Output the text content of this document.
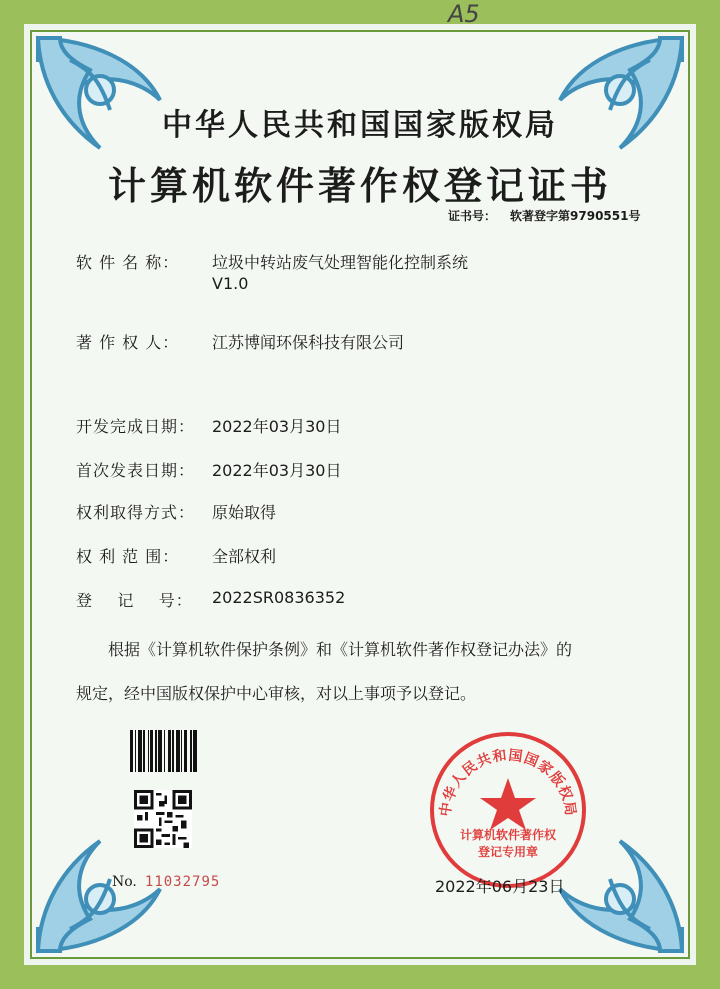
A5
中华人民共和国国家版权局
计算机软件著作权登记证书
证书号： 软著登字第9790551号
软 件 名 称：	垃圾中转站废气处理智能化控制系统
V1.0
著 作 权 人：	江苏博闻环保科技有限公司
开发完成日期：	2022年03月30日
首次发表日期：	2022年03月30日
权利取得方式：	原始取得
权 利 范 围：	全部权利
登    记    号：	2022SR0836352
根据《计算机软件保护条例》和《计算机软件著作权登记办法》的
规定，经中国版权保护中心审核，对以上事项予以登记。
No. 11032795
中华人民共和国国家版权局
计算机软件著作权
登记专用章
2022年06月23日
